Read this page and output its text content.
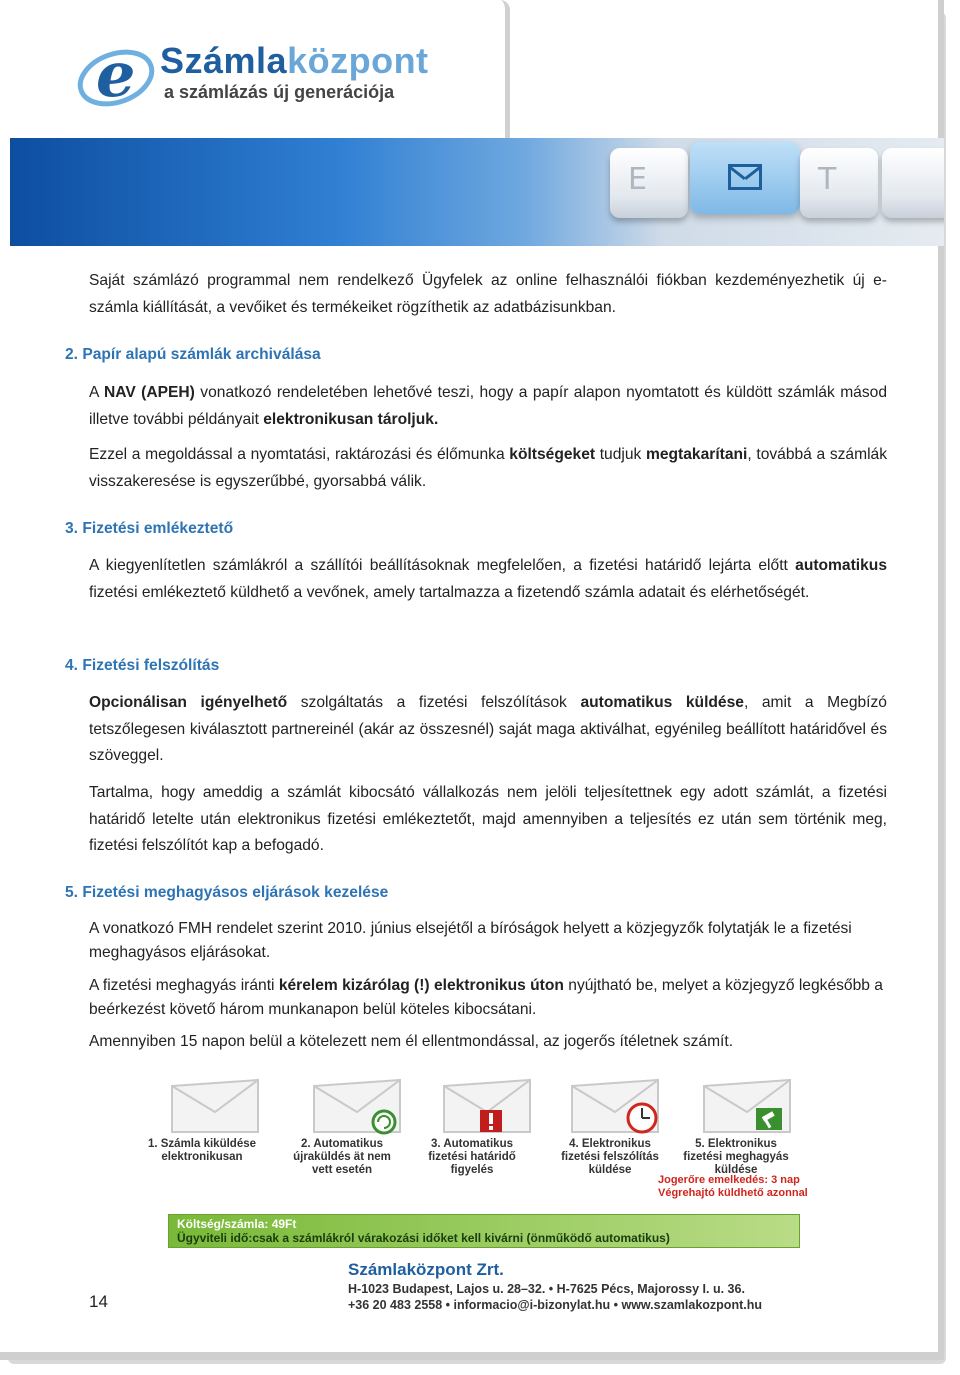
e Számlaközpont
a számlázás új generációja
E	T
Saját számlázó programmal nem rendelkező Ügyfelek az online felhasználói fiókban kezdeményezhetik új e-számla kiállítását, a vevőiket és termékeiket rögzíthetik az adatbázisunkban.
2. Papír alapú számlák archiválása
A NAV (APEH) vonatkozó rendeletében lehetővé teszi, hogy a papír alapon nyomtatott és küldött számlák másod illetve további példányait elektronikusan tároljuk.
Ezzel a megoldással a nyomtatási, raktározási és élőmunka költségeket tudjuk megtakarítani, továbbá a számlák visszakeresése is egyszerűbbé, gyorsabbá válik.
3. Fizetési emlékeztető
A kiegyenlítetlen számlákról a szállítói beállításoknak megfelelően, a fizetési határidő lejárta előtt automatikus fizetési emlékeztető küldhető a vevőnek, amely tartalmazza a fizetendő számla adatait és elérhetőségét.
4. Fizetési felszólítás
Opcionálisan igényelhető szolgáltatás a fizetési felszólítások automatikus küldése, amit a Megbízó tetszőlegesen kiválasztott partnereinél (akár az összesnél) saját maga aktiválhat, egyénileg beállított határidővel és szöveggel.
Tartalma, hogy ameddig a számlát kibocsátó vállalkozás nem jelöli teljesítettnek egy adott számlát, a fizetési határidő letelte után elektronikus fizetési emlékeztetőt, majd amennyiben a teljesítés ez után sem történik meg, fizetési felszólítót kap a befogadó.
5. Fizetési meghagyásos eljárások kezelése
A vonatkozó FMH rendelet szerint 2010. június elsejétől a bíróságok helyett a közjegyzők folytatják le a fizetési meghagyásos eljárásokat.
A fizetési meghagyás iránti kérelem kizárólag (!) elektronikus úton nyújtható be, melyet a közjegyző legkésőbb a beérkezést követő három munkanapon belül köteles kibocsátani.
Amennyiben 15 napon belül a kötelezett nem él ellentmondással, az jogerős ítéletnek számít.
1. Számla kiküldése elektronikusan
2. Automatikus újraküldés ät nem vett esetén
3. Automatikus fizetési határidő figyelés
4. Elektronikus fizetési felszólítás küldése
5. Elektronikus fizetési meghagyás küldése
Jogerőre emelkedés: 3 nap
Végrehajtó küldhető azonnal
Költség/számla: 49Ft
Ügyviteli idő:csak a számlákról várakozási időket kell kivárni (önműködő automatikus)
Számlaközpont Zrt.
H-1023 Budapest, Lajos u. 28–32. • H-7625 Pécs, Majorossy I. u. 36.
+36 20 483 2558 • informacio@i-bizonylat.hu • www.szamlakozpont.hu
14
